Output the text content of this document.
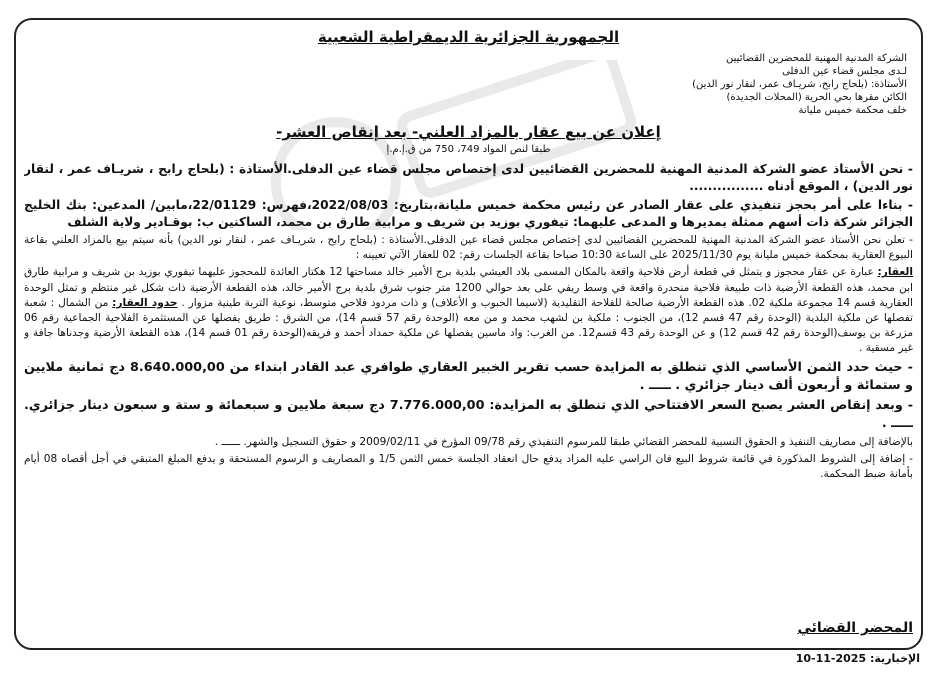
الجمهورية الجزائرية الديمقراطية الشعبية
الشركة المدنية المهنية للمحضرين القضائيين
لـدى مجلس قضاء عين الدفلى
الأستاذة: (بلحاج رابح، شريـاف عمر، لنقار نور الدين)
الكائن مقرها بحي الحرية (المحلات الجديدة)
خلف محكمة خميس مليانة
إعلان عن بيع عقار بالمزاد العلني- بعد إنقاص العشر-
طبقا لنص المواد 749، 750 من ق.إ.م.إ
- نحن الأستاذ عضو الشركة المدنية المهنية للمحضرين القضائيين لدى إختصاص مجلس قضاء عين الدفلى.الأستاذة : (بلحاج رابح ، شريـاف عمر ، لنقار نور الدين) ، الموقع أدناه ................
- بناءا على أمر بحجز تنفيذي على عقار الصادر عن رئيس محكمة خميس مليانة،بتاريخ: 2022/08/03،فهرس: 22/01129،مابين/ المدعين: بنك الخليج الجزائر شركة ذات أسهم ممثلة بمديرها و المدعى عليهما: تيفوري بوزيد بن شريف و مرابية طارق بن محمد، الساكنين ب: بوقـادير ولاية الشلف
- تعلن نحن الأستاذ عضو الشركة المدنية المهنية للمحضرين القضائيين لدى إختصاص مجلس قضاء عين الدفلى.الأستاذة : (بلحاج رابح ، شريـاف عمر ، لنقار نور الدين) بأنه سيتم بيع بالمزاد العلني بقاعة البيوع العقارية بمحكمة خميس مليانة يوم 2025/11/30 على الساعة 10:30 صباحا بقاعة الجلسات رقم: 02 للعقار الآتي تعيينه :
العقار: عبارة عن عقار محجوز و يتمثل في قطعة أرض فلاحية واقعة بالمكان المسمى بلاد العيشي بلدية برج الأمير خالد مساحتها 12 هكتار العائدة للمحجوز عليهما تيفوري بوزيد بن شريف و مرابية طارق ابن محمد، هذه القطعة الأرضية ذات طبيعة فلاحية منحدرة واقعة في وسط ريفي على بعد حوالي 1200 متر جنوب شرق بلدية برج الأمير خالد، هذه القطعة الأرضية ذات شكل غير منتظم و تمثل الوحدة العقارية قسم 14 مجموعة ملكية 02. هذه القطعة الأرضية صالحة للفلاحة التقليدية (لاسيما الحبوب و الأعلاف) و ذات مردود فلاحي متوسط، نوعية التربة طينية مزوار . حدود العقار: من الشمال : شعبة تفصلها عن ملكية البلدية (الوحدة رقم 47 قسم 12)، من الجنوب : ملكية بن لشهب محمد و من معه (الوحدة رقم 57 قسم 14)، من الشرق : طريق يفصلها عن المستثمرة الفلاحية الجماعية رقم 06 مزرعة بن يوسف(الوحدة رقم 42 قسم 12) و عن الوحدة رقم 43 قسم12. من الغرب: واد ماسين يفصلها عن ملكية حمداد أحمد و فريقه(الوحدة رقم 01 قسم 14)، هذه القطعة الأرضية وجدناها جافة و غير مسقية .
- حيث حدد الثمن الأساسي الذي تنطلق به المزايدة حسب تقرير الخبير العقاري طوافري عبد القادر ابتداء من 8.640.000,00 دج ثمانية ملايين و ستمائة و أربعون ألف دينار جزائري . ـــــ .
- وبعد إنقاص العشر يصبح السعر الافتتاحي الذي تنطلق به المزايدة: 7.776.000,00 دج سبعة ملايين و سبعمائة و ستة و سبعون دينار جزائري. ـــــ .
بالإضافة إلى مصاريف التنفيذ و الحقوق النسبية للمحضر القضائي طبقا للمرسوم التنفيذي رقم 09/78 المؤرخ في 2009/02/11 و حقوق التسجيل والشهر. ــــــ .
- إضافة إلى الشروط المذكورة في قائمة شروط البيع فان الراسي عليه المزاد يدفع حال انعقاد الجلسة خمس الثمن 1/5 و المصاريف و الرسوم المستحقة و يدفع المبلغ المتبقي في أجل أقصاه 08 أيام بأمانة ضبط المحكمة.
المحضر القضائي
الإخبارية: 2025-11-10
